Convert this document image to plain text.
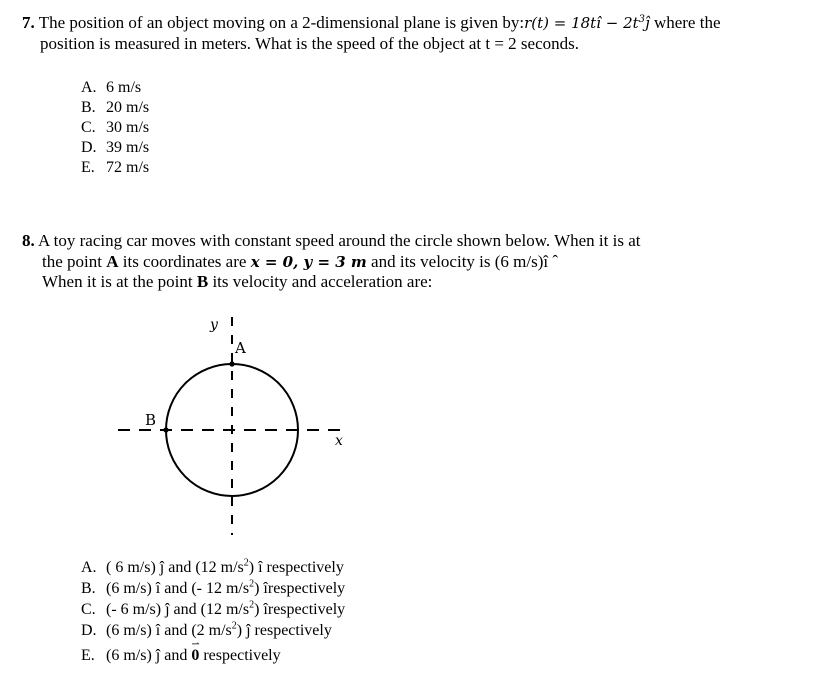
7. The position of an object moving on a 2-dimensional plane is given by:r(t) = 18tî − $2t^3ĵ$ where the
position is measured in meters. What is the speed of the object at t = 2 seconds.
A. 6 m/s
B. 20 m/s
C. 30 m/s
D. 39 m/s
E. 72 m/s
8. A toy racing car moves with constant speed around the circle shown below. When it is at
the point A its coordinates are x = 0, y = 3 m and its velocity is (6 m/s)î ˆ
When it is at the point B its velocity and acceleration are:
y
x
A
B
A. ( 6 m/s) ĵ and (12 $m/s^2$) î respectively
B. (6 m/s) î and (- 12 $m/s^2$) îrespectively
C. (- 6 m/s) ĵ and (12 $m/s^2$) îrespectively
D. (6 m/s) î and (2 $m/s^2$) ĵ respectively
E. (6 m/s) ĵ and
⇀
0 respectively
